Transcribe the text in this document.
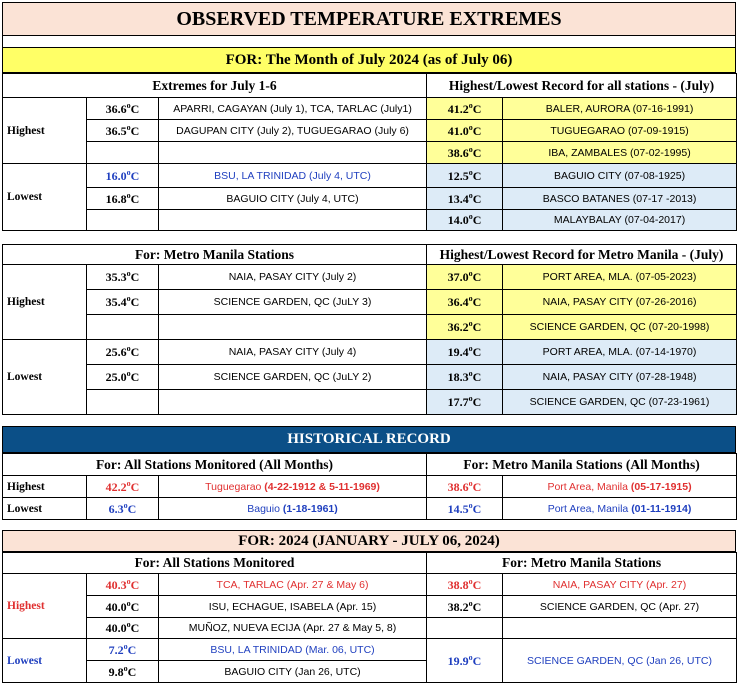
OBSERVED TEMPERATURE EXTREMES
FOR: The Month of July 2024 (as of July 06)
Extremes for July 1-6			Highest/Lowest Record for all stations - (July)	
Highest	36.6$^o$C	APARRI, CAGAYAN (July 1), TCA, TARLAC (July1)	41.2$^o$C	BALER, AURORA (07-16-1991)
	36.5$^o$C	DAGUPAN CITY (July 2), TUGUEGARAO (July 6)	41.0$^o$C	TUGUEGARAO (07-09-1915)
			38.6$^o$C	IBA, ZAMBALES (07-02-1995)
Lowest	16.0$^o$C	BSU, LA TRINIDAD (July 4, UTC)	12.5$^o$C	BAGUIO CITY (07-08-1925)
	16.8$^o$C	BAGUIO CITY (July 4, UTC)	13.4$^o$C	BASCO BATANES (07-17 -2013)
			14.0$^o$C	MALAYBALAY (07-04-2017)
For: Metro Manila Stations			Highest/Lowest Record for Metro Manila - (July)	
Highest	35.3$^o$C	NAIA, PASAY CITY (July 2)	37.0$^o$C	PORT AREA, MLA. (07-05-2023)
	35.4$^o$C	SCIENCE GARDEN, QC (JuLY 3)	36.4$^o$C	NAIA, PASAY CITY (07-26-2016)
			36.2$^o$C	SCIENCE GARDEN, QC (07-20-1998)
Lowest	25.6$^o$C	NAIA, PASAY CITY (July 4)	19.4$^o$C	PORT AREA, MLA. (07-14-1970)
	25.0$^o$C	SCIENCE GARDEN, QC (JuLY 2)	18.3$^o$C	NAIA, PASAY CITY (07-28-1948)
			17.7$^o$C	SCIENCE GARDEN, QC (07-23-1961)
HISTORICAL RECORD
For: All Stations Monitored (All Months)			For: Metro Manila Stations (All Months)	
Highest	42.2$^o$C	Tuguegarao (4-22-1912 & 5-11-1969)	38.6$^o$C	Port Area, Manila (05-17-1915)
Lowest	6.3$^o$C	Baguio (1-18-1961)	14.5$^o$C	Port Area, Manila (01-11-1914)
FOR: 2024 (JANUARY - JULY 06, 2024)
For: All Stations Monitored			For: Metro Manila Stations	
Highest	40.3$^o$C	TCA, TARLAC (Apr. 27 & May 6)	38.8$^o$C	NAIA, PASAY CITY (Apr. 27)
	40.0$^o$C	ISU, ECHAGUE, ISABELA (Apr. 15)	38.2$^o$C	SCIENCE GARDEN, QC (Apr. 27)
	40.0$^o$C	MUÑOZ, NUEVA ECIJA (Apr. 27 & May 5, 8)		
Lowest	7.2$^o$C	BSU, LA TRINIDAD (Mar. 06, UTC)	19.9$^o$C	SCIENCE GARDEN, QC (Jan 26, UTC)
	9.8$^o$C	BAGUIO CITY (Jan 26, UTC)		
